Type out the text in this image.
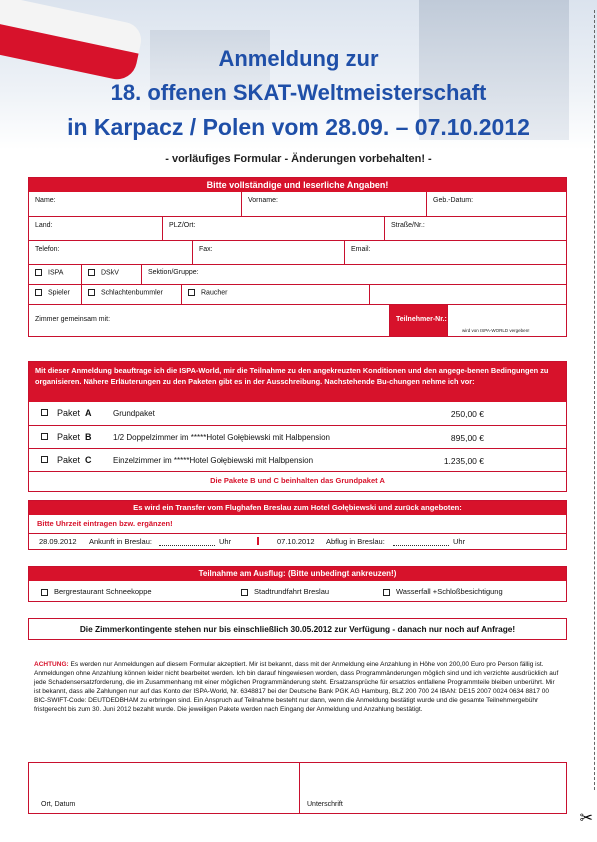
Anmeldung zur
18. offenen SKAT-Weltmeisterschaft
in Karpacz / Polen vom 28.09. – 07.10.2012
- vorläufiges Formular - Änderungen vorbehalten! -
✂
Bitte vollständige und leserliche Angaben!
Name:	Vorname:	Geb.-Datum:
Land:	PLZ/Ort:	Straße/Nr.:
Telefon:	Fax:	Email:
ISPA	DSkV	Sektion/Gruppe:
Spieler	Schlachtenbummler	Raucher
Zimmer gemeinsam mit:	Teilnehmer-Nr.:
wird von ISPA-WORLD vergeben!
Mit dieser Anmeldung beauftrage ich die ISPA-World, mir die Teilnahme zu den angekreuzten Konditionen und den angege-benen Bedingungen zu organisieren. Nähere Erläuterungen zu den Paketen gibt es in der Ausschreibung. Nachstehende Bu-chungen nehme ich vor:
Paket A	Grundpaket	250,00 €
Paket B	1/2 Doppelzimmer im *****Hotel Gołębiewski mit Halbpension	895,00 €
Paket C	Einzelzimmer im *****Hotel Gołębiewski mit Halbpension	1.235,00 €
Die Pakete B und C beinhalten das Grundpaket A
Es wird ein Transfer vom Flughafen Breslau zum Hotel Gołębiewski und zurück angeboten:
Bitte Uhrzeit eintragen bzw. ergänzen!
28.09.2012 Ankunft in Breslau:	Uhr	07.10.2012 Abflug in Breslau:	Uhr
Teilnahme am Ausflug: (Bitte unbedingt ankreuzen!)
Bergrestaurant Schneekoppe	Stadtrundfahrt Breslau	Wasserfall +Schloßbesichtigung
Die Zimmerkontingente stehen nur bis einschließlich 30.05.2012 zur Verfügung - danach nur noch auf Anfrage!
ACHTUNG: Es werden nur Anmeldungen auf diesem Formular akzeptiert. Mir ist bekannt, dass mit der Anmeldung eine Anzahlung in Höhe von 200,00 Euro pro Person fällig ist. Anmeldungen ohne Anzahlung können leider nicht bearbeitet werden. Ich bin darauf hingewiesen worden, dass Programmänderungen möglich sind und ich verzichte ausdrücklich auf jede Schadensersatzforderung, die im Zusammenhang mit einer möglichen Programmänderung steht. Ersatzansprüche für ersatzlos entfallene Programmteile bleiben unberührt. Mir ist bekannt, dass alle Zahlungen nur auf das Konto der ISPA-World, Nr. 6348817 bei der Deutsche Bank PGK AG Hamburg, BLZ 200 700 24 IBAN: DE15 2007 0024 0634 8817 00 BIC-SWIFT-Code: DEUTDEDBHAM zu erbringen sind. Ein Anspruch auf Teilnahme besteht nur dann, wenn die Anmeldung bestätigt wurde und die gesamte Teilnehmergebühr fristgerecht bis zum 30. Juni 2012 bezahlt wurde. Die jeweiligen Pakete werden nach Eingang der Anmeldung und Anzahlung bestätigt.
Ort, Datum	Unterschrift
